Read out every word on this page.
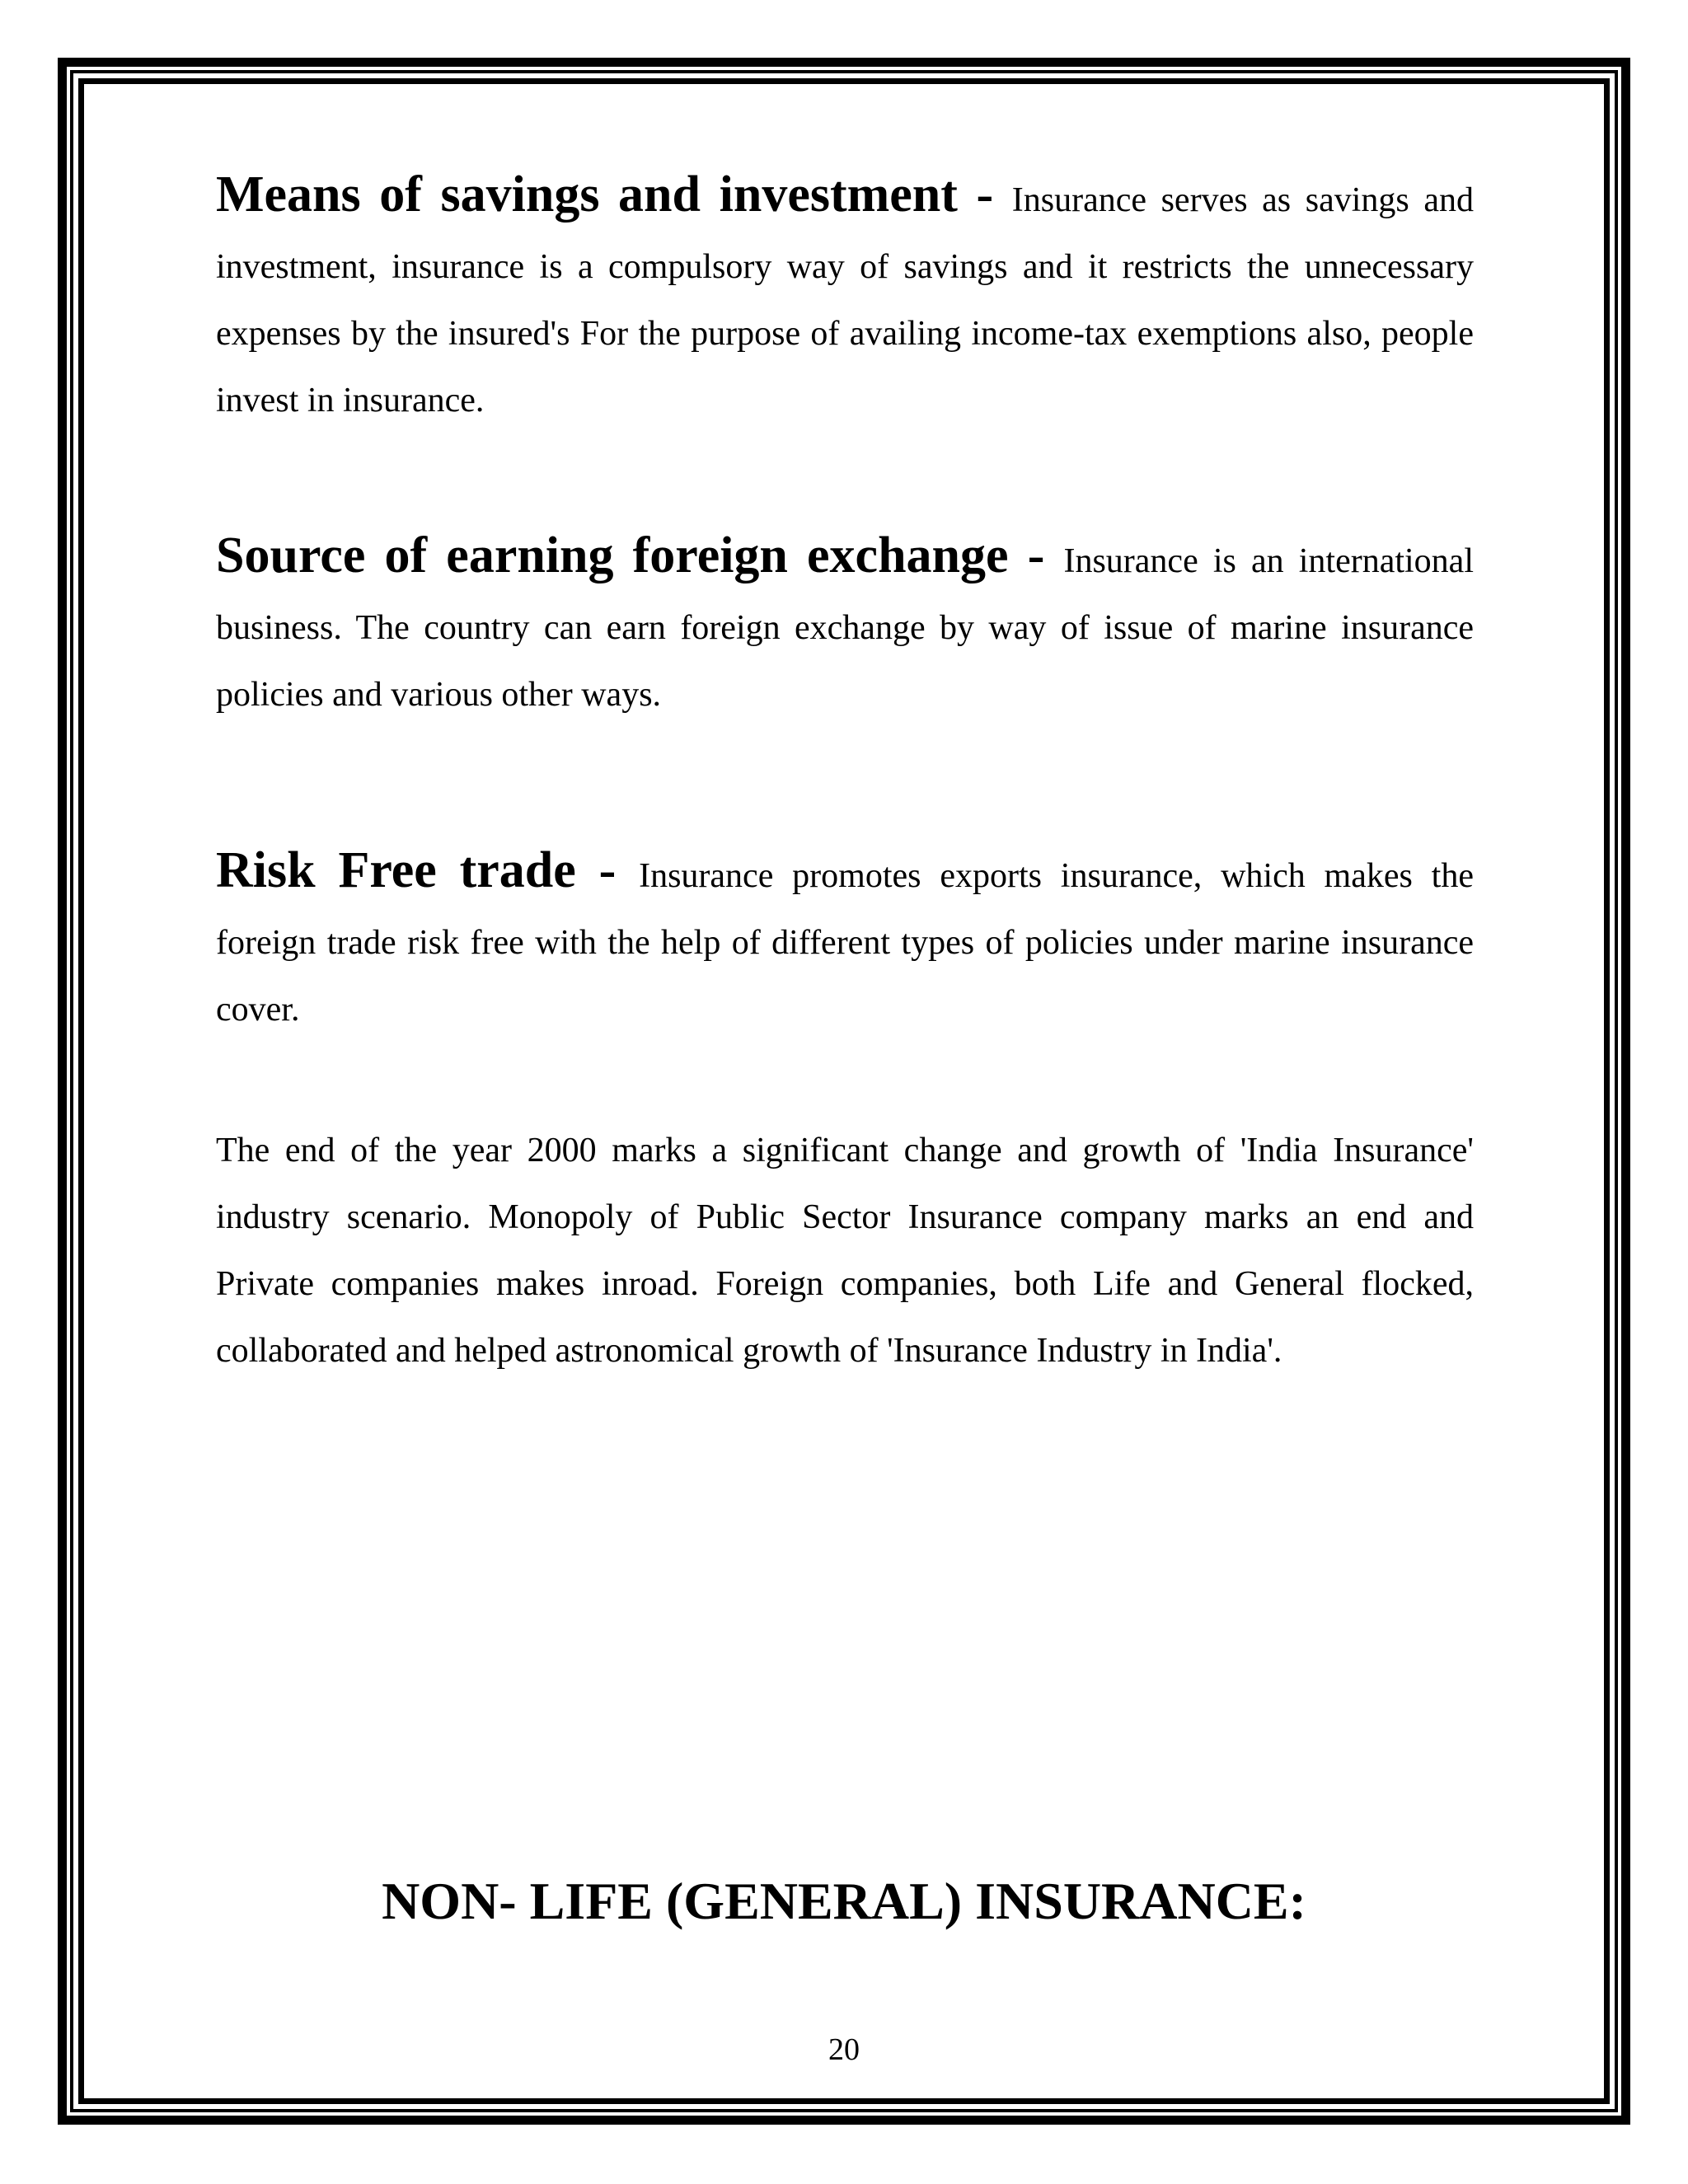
Means of savings and investment - Insurance serves as savings and investment, insurance is a compulsory way of savings and it restricts the unnecessary expenses by the insured's For the purpose of availing income-tax exemptions also, people invest in insurance.

Source of earning foreign exchange - Insurance is an international business. The country can earn foreign exchange by way of issue of marine insurance policies and various other ways.

Risk Free trade - Insurance promotes exports insurance, which makes the foreign trade risk free with the help of different types of policies under marine insurance cover.

The end of the year 2000 marks a significant change and growth of 'India Insurance' industry scenario. Monopoly of Public Sector Insurance company marks an end and Private companies makes inroad. Foreign companies, both Life and General flocked, collaborated and helped astronomical growth of 'Insurance Industry in India'.

NON- LIFE (GENERAL) INSURANCE:

20
